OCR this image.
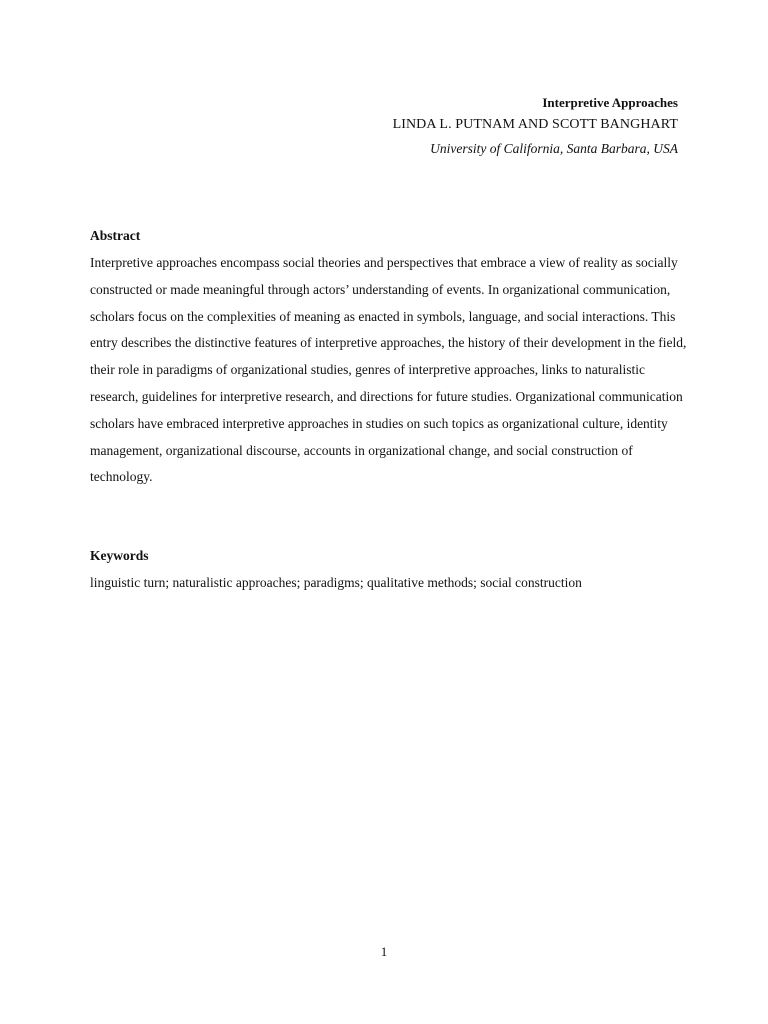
Interpretive Approaches

LINDA L. PUTNAM AND SCOTT BANGHART

University of California, Santa Barbara, USA

Abstract

Interpretive approaches encompass social theories and perspectives that embrace a view of reality as socially constructed or made meaningful through actors’ understanding of events. In organizational communication, scholars focus on the complexities of meaning as enacted in symbols, language, and social interactions. This entry describes the distinctive features of interpretive approaches, the history of their development in the field, their role in paradigms of organizational studies, genres of interpretive approaches, links to naturalistic research, guidelines for interpretive research, and directions for future studies. Organizational communication scholars have embraced interpretive approaches in studies on such topics as organizational culture, identity management, organizational discourse, accounts in organizational change, and social construction of technology.

Keywords

linguistic turn; naturalistic approaches; paradigms; qualitative methods; social construction

1
